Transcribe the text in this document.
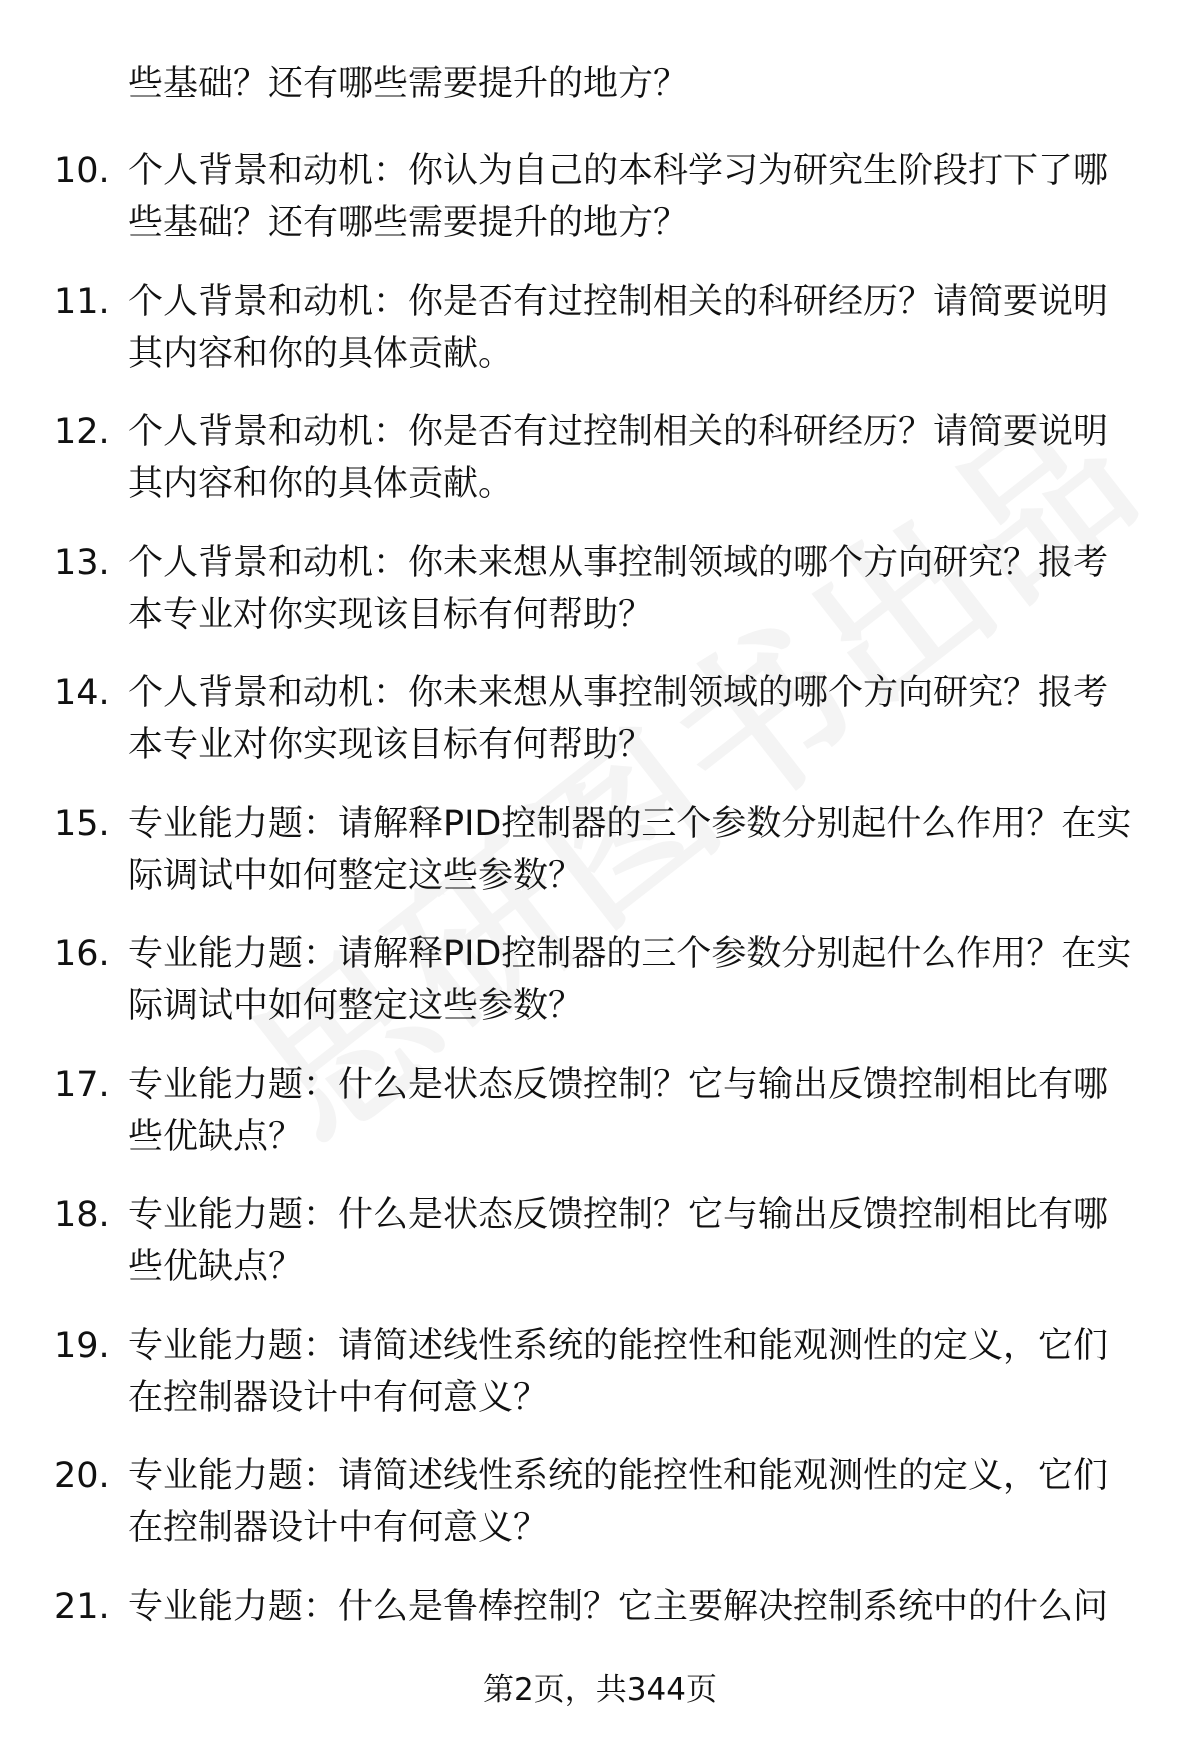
些基础？还有哪些需要提升的地方？
10. 个人背景和动机：你认为自己的本科学习为研究生阶段打下了哪些基础？还有哪些需要提升的地方？
11. 个人背景和动机：你是否有过控制相关的科研经历？请简要说明其内容和你的具体贡献。
12. 个人背景和动机：你是否有过控制相关的科研经历？请简要说明其内容和你的具体贡献。
13. 个人背景和动机：你未来想从事控制领域的哪个方向研究？报考本专业对你实现该目标有何帮助？
14. 个人背景和动机：你未来想从事控制领域的哪个方向研究？报考本专业对你实现该目标有何帮助？
15. 专业能力题：请解释PID控制器的三个参数分别起什么作用？在实际调试中如何整定这些参数？
16. 专业能力题：请解释PID控制器的三个参数分别起什么作用？在实际调试中如何整定这些参数？
17. 专业能力题：什么是状态反馈控制？它与输出反馈控制相比有哪些优缺点？
18. 专业能力题：什么是状态反馈控制？它与输出反馈控制相比有哪些优缺点？
19. 专业能力题：请简述线性系统的能控性和能观测性的定义，它们在控制器设计中有何意义？
20. 专业能力题：请简述线性系统的能控性和能观测性的定义，它们在控制器设计中有何意义？
21. 专业能力题：什么是鲁棒控制？它主要解决控制系统中的什么问
第2页，共344页
